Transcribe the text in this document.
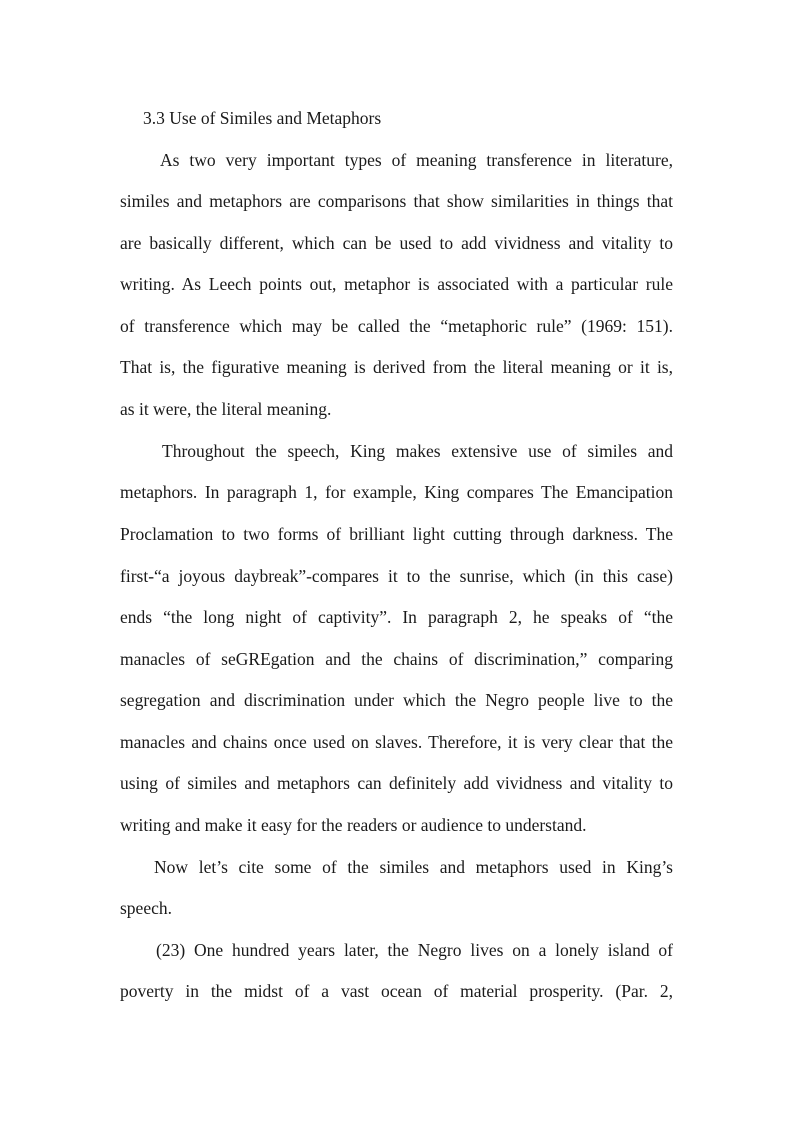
3.3 Use of Similes and Metaphors
As two very important types of meaning transference in literature,
similes and metaphors are comparisons that show similarities in things that
are basically different, which can be used to add vividness and vitality to
writing. As Leech points out, metaphor is associated with a particular rule
of transference which may be called the “metaphoric rule” (1969: 151).
That is, the figurative meaning is derived from the literal meaning or it is,
as it were, the literal meaning.
Throughout the speech, King makes extensive use of similes and
metaphors. In paragraph 1, for example, King compares The Emancipation
Proclamation to two forms of brilliant light cutting through darkness. The
first-“a joyous daybreak”-compares it to the sunrise, which (in this case)
ends “the long night of captivity”. In paragraph 2, he speaks of “the
manacles of seGREgation and the chains of discrimination,” comparing
segregation and discrimination under which the Negro people live to the
manacles and chains once used on slaves. Therefore, it is very clear that the
using of similes and metaphors can definitely add vividness and vitality to
writing and make it easy for the readers or audience to understand.
Now let’s cite some of the similes and metaphors used in King’s
speech.
(23) One hundred years later, the Negro lives on a lonely island of
poverty in the midst of a vast ocean of material prosperity. (Par. 2,
